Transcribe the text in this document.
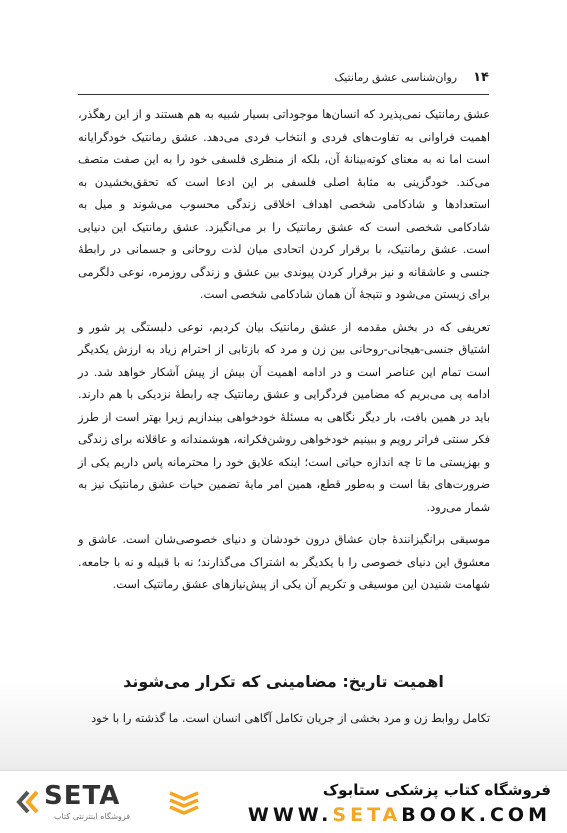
۱۴
روان‌شناسی عشق رمانتیک

عشق رمانتیک نمی‌پذیرد که انسان‌ها موجوداتی بسیار شبیه به هم هستند و از این رهگذر، اهمیت فراوانی به تفاوت‌های فردی و انتخاب فردی می‌دهد. عشق رمانتیک خودگرایانه است اما نه به معنای کوته‌بینانهٔ آن، بلکه از منظری فلسفی خود را به این صفت متصف می‌کند. خودگزینی به مثابهٔ اصلی فلسفی بر این ادعا است که تحقق‌بخشیدن به استعدادها و شادکامی شخصی اهداف اخلاقی زندگی محسوب می‌شوند و میل به شادکامی شخصی است که عشق رمانتیک را بر می‌انگیزد. عشق رمانتیک این دنیایی است. عشق رمانتیک، با برقرار کردن اتحادی میان لذت روحانی و جسمانی در رابطهٔ جنسی و عاشقانه و نیز برقرار کردن پیوندی بین عشق و زندگی روزمره، نوعی دلگرمی برای زیستن می‌شود و نتیجهٔ آن همان شادکامی شخصی است.

تعریفی که در بخش مقدمه از عشق رمانتیک بیان کردیم، نوعی دلبستگی پر شور و اشتیاق جنسی-هیجانی-روحانی بین زن و مرد که بازتابی از احترام زیاد به ارزش یکدیگر است تمام این عناصر است و در ادامه اهمیت آن بیش از پیش آشکار خواهد شد. در ادامه پی می‌بریم که مضامین فردگرایی و عشق رمانتیک چه رابطهٔ نزدیکی با هم دارند. باید در همین بافت، بار دیگر نگاهی به مسئلهٔ خودخواهی بیندازیم زیرا بهتر است از طرز فکر سنتی فراتر رویم و ببینیم خودخواهی روشن‌فکرانه، هوشمندانه و عاقلانه برای زندگی و بهزیستی ما تا چه اندازه حیاتی است؛ اینکه علایق خود را محترمانه پاس داریم یکی از ضرورت‌های بقا است و بەطور قطع، همین امر مایهٔ تضمین حیات عشق رمانتیک نیز به شمار می‌رود.

موسیقی برانگیزانندهٔ جان عشاق درون خودشان و دنیای خصوصی‌شان است. عاشق و معشوق این دنیای خصوصی را با یکدیگر به اشتراک می‌گذارند؛ نه با قبیله و نه با جامعه. شهامت شنیدن این موسیقی و تکریم آن یکی از پیش‌نیازهای عشق رمانتیک است.

اهمیت تاریخ: مضامینی که تکرار می‌شوند
تکامل روابط زن و مرد بخشی از جریان تکامل آگاهی انسان است. ما گذشته را با خود
SETA
فروشگاه اینترنتی کتاب
فروشگاه کتاب پزشکی ستابوک
WWW.SETABOOK.COM
